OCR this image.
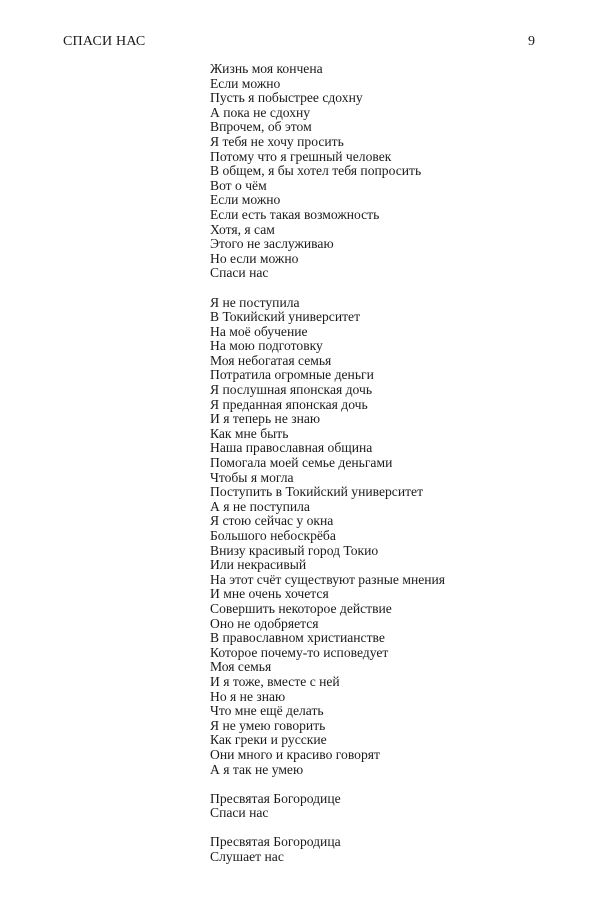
СПАСИ НАС	9
Жизнь моя кончена
Если можно
Пусть я побыстрее сдохну
А пока не сдохну
Впрочем, об этом
Я тебя не хочу просить
Потому что я грешный человек
В общем, я бы хотел тебя попросить
Вот о чём
Если можно
Если есть такая возможность
Хотя, я сам
Этого не заслуживаю
Но если можно
Спаси нас
Я не поступила
В Токийский университет
На моё обучение
На мою подготовку
Моя небогатая семья
Потратила огромные деньги
Я послушная японская дочь
Я преданная японская дочь
И я теперь не знаю
Как мне быть
Наша православная община
Помогала моей семье деньгами
Чтобы я могла
Поступить в Токийский университет
А я не поступила
Я стою сейчас у окна
Большого небоскрёба
Внизу красивый город Токио
Или некрасивый
На этот счёт существуют разные мнения
И мне очень хочется
Совершить некоторое действие
Оно не одобряется
В православном христианстве
Которое почему-то исповедует
Моя семья
И я тоже, вместе с ней
Но я не знаю
Что мне ещё делать
Я не умею говорить
Как греки и русские
Они много и красиво говорят
А я так не умею
Пресвятая Богородице
Спаси нас
Пресвятая Богородица
Слушает нас
